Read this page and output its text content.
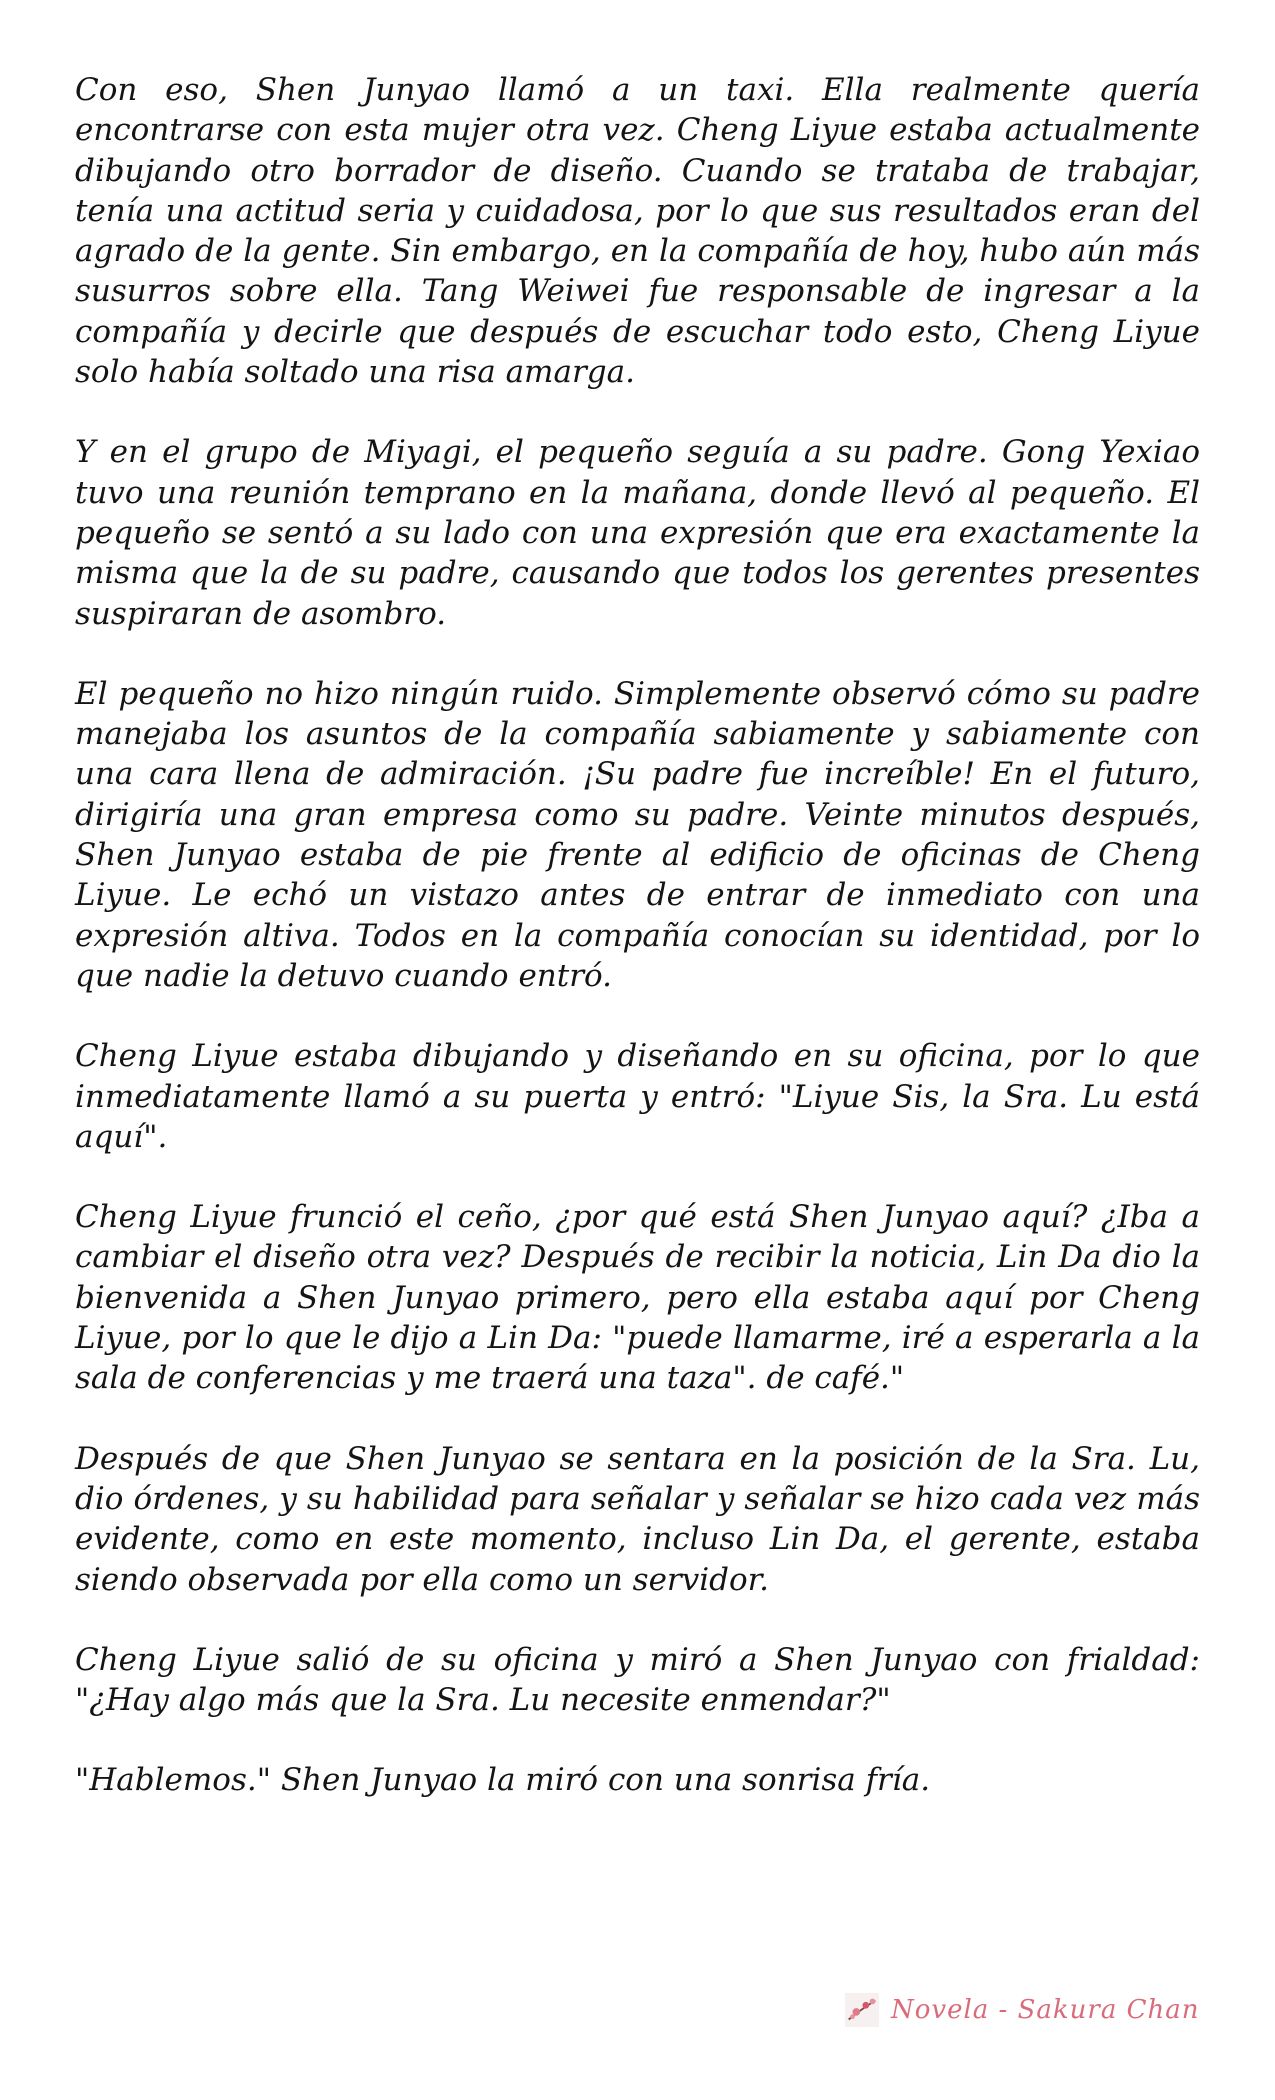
Con eso, Shen Junyao llamó a un taxi. Ella realmente quería encontrarse con esta mujer otra vez. Cheng Liyue estaba actualmente dibujando otro borrador de diseño. Cuando se trataba de trabajar, tenía una actitud seria y cuidadosa, por lo que sus resultados eran del agrado de la gente. Sin embargo, en la compañía de hoy, hubo aún más susurros sobre ella. Tang Weiwei fue responsable de ingresar a la compañía y decirle que después de escuchar todo esto, Cheng Liyue solo había soltado una risa amarga.

Y en el grupo de Miyagi, el pequeño seguía a su padre. Gong Yexiao tuvo una reunión temprano en la mañana, donde llevó al pequeño. El pequeño se sentó a su lado con una expresión que era exactamente la misma que la de su padre, causando que todos los gerentes presentes suspiraran de asombro.

El pequeño no hizo ningún ruido. Simplemente observó cómo su padre manejaba los asuntos de la compañía sabiamente y sabiamente con una cara llena de admiración. ¡Su padre fue increíble! En el futuro, dirigiría una gran empresa como su padre. Veinte minutos después, Shen Junyao estaba de pie frente al edificio de oficinas de Cheng Liyue. Le echó un vistazo antes de entrar de inmediato con una expresión altiva. Todos en la compañía conocían su identidad, por lo que nadie la detuvo cuando entró.

Cheng Liyue estaba dibujando y diseñando en su oficina, por lo que inmediatamente llamó a su puerta y entró: "Liyue Sis, la Sra. Lu está aquí".

Cheng Liyue frunció el ceño, ¿por qué está Shen Junyao aquí? ¿Iba a cambiar el diseño otra vez? Después de recibir la noticia, Lin Da dio la bienvenida a Shen Junyao primero, pero ella estaba aquí por Cheng Liyue, por lo que le dijo a Lin Da: "puede llamarme, iré a esperarla a la sala de conferencias y me traerá una taza". de café."

Después de que Shen Junyao se sentara en la posición de la Sra. Lu, dio órdenes, y su habilidad para señalar y señalar se hizo cada vez más evidente, como en este momento, incluso Lin Da, el gerente, estaba siendo observada por ella como un servidor.

Cheng Liyue salió de su oficina y miró a Shen Junyao con frialdad: "¿Hay algo más que la Sra. Lu necesite enmendar?"

"Hablemos." Shen Junyao la miró con una sonrisa fría.

Novela - Sakura Chan
